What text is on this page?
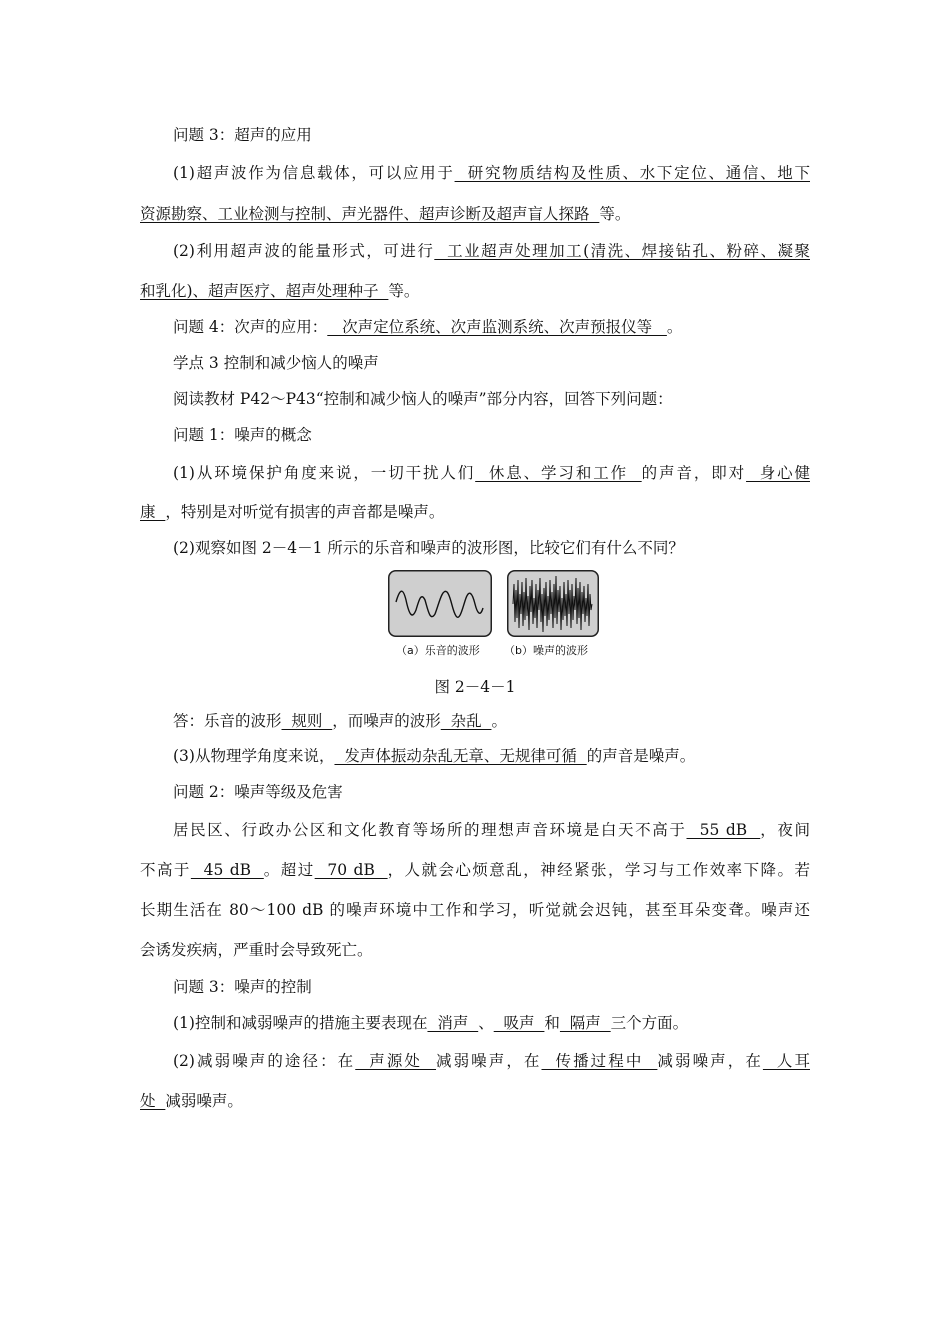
问题 3：超声的应用
(1)超声波作为信息载体，可以应用于  研究物质结构及性质、水下定位、通信、地下
资源勘察、工业检测与控制、声光器件、超声诊断及超声盲人探路  等。
(2)利用超声波的能量形式，可进行  工业超声处理加工(清洗、焊接钻孔、粉碎、凝聚
和乳化)、超声医疗、超声处理种子  等。
问题 4：次声的应用：   次声定位系统、次声监测系统、次声预报仪等   。
学点 3 控制和减少恼人的噪声
阅读教材 P42～P43“控制和减少恼人的噪声”部分内容，回答下列问题：
问题 1：噪声的概念
(1)从环境保护角度来说，一切干扰人们  休息、学习和工作  的声音，即对  身心健
康  ，特别是对听觉有损害的声音都是噪声。
(2)观察如图 2－4－1 所示的乐音和噪声的波形图，比较它们有什么不同？
（a）乐音的波形 （b）噪声的波形
图 2－4－1
答：乐音的波形  规则  ，而噪声的波形  杂乱  。
(3)从物理学角度来说，  发声体振动杂乱无章、无规律可循  的声音是噪声。
问题 2：噪声等级及危害
居民区、行政办公区和文化教育等场所的理想声音环境是白天不高于  55 dB  ，夜间
不高于  45 dB  。超过  70 dB  ，人就会心烦意乱，神经紧张，学习与工作效率下降。若
长期生活在 80～100 dB 的噪声环境中工作和学习，听觉就会迟钝，甚至耳朵变聋。噪声还
会诱发疾病，严重时会导致死亡。
问题 3：噪声的控制
(1)控制和减弱噪声的措施主要表现在  消声  、  吸声  和  隔声  三个方面。
(2)减弱噪声的途径：在  声源处  减弱噪声，在  传播过程中  减弱噪声，在  人耳
处  减弱噪声。
